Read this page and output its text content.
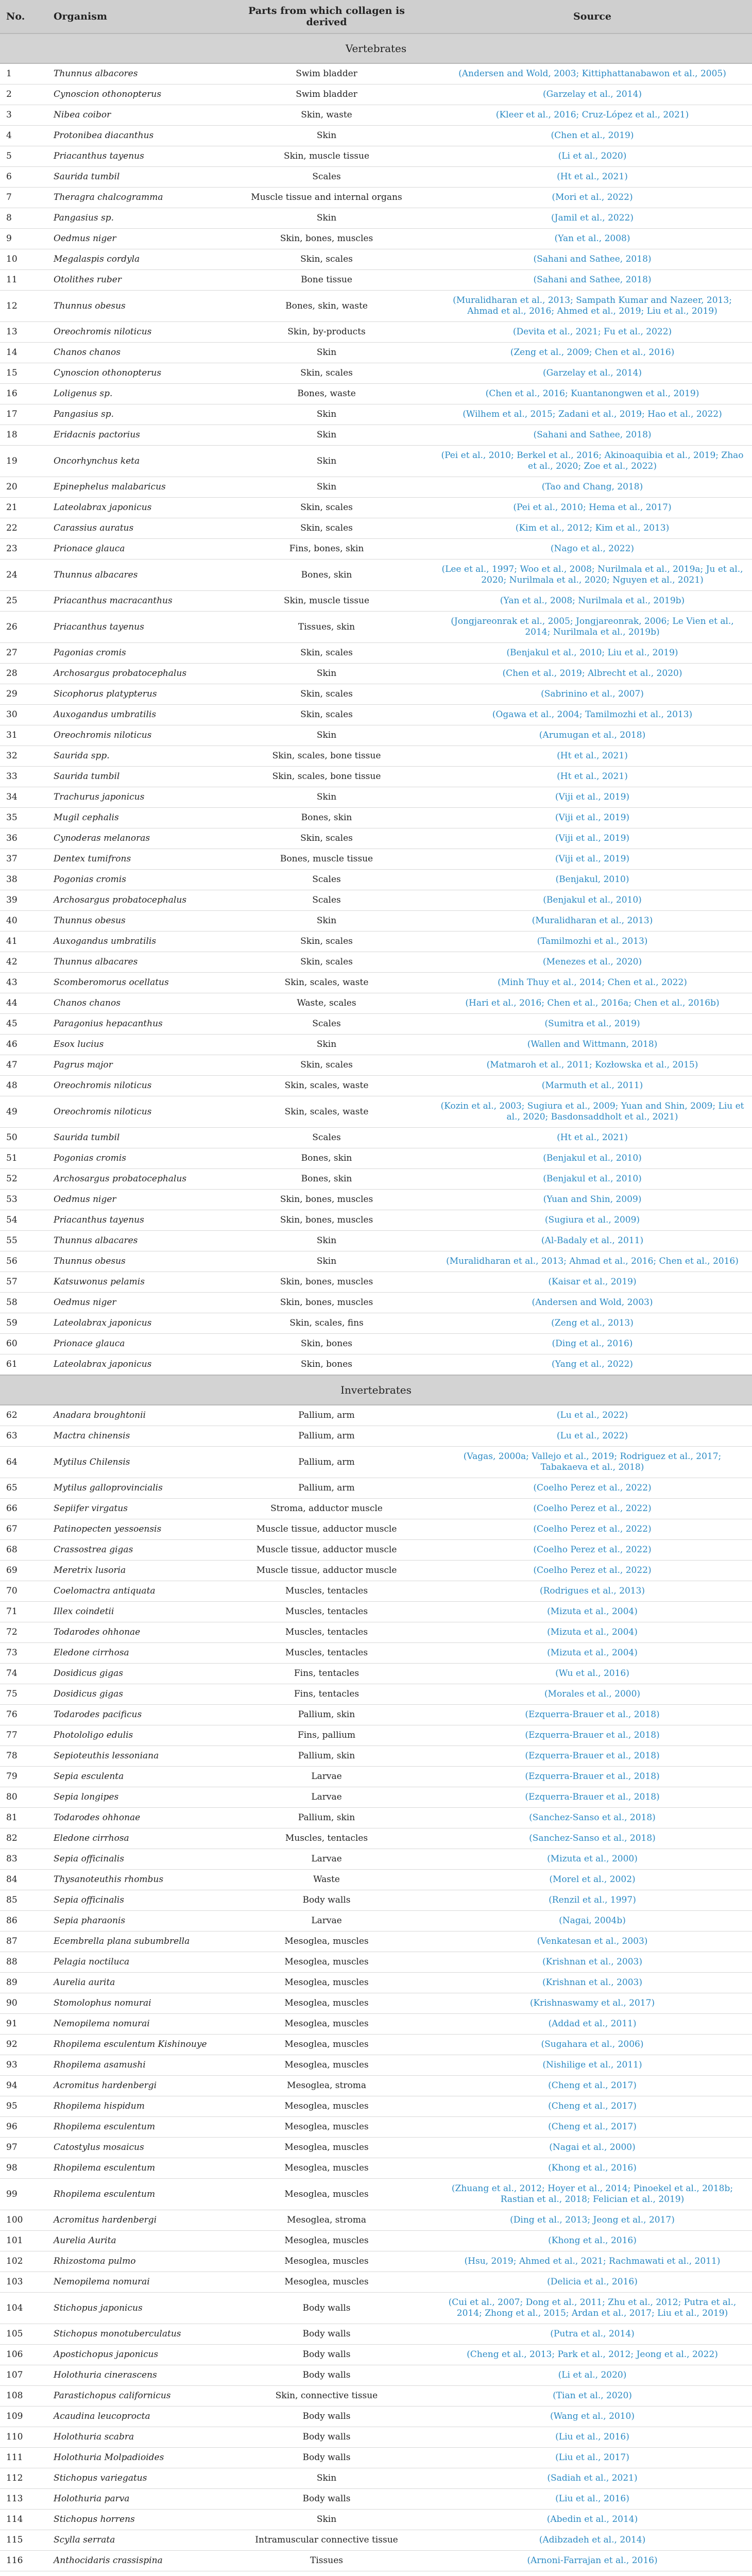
No.	Organism	Parts from which collagen is derived	Source
Vertebrates			
1	Thunnus albacores	Swim bladder	(Andersen and Wold, 2003; Kittiphattanabawon et al., 2005)
2	Cynoscion othonopterus	Swim bladder	(Garzelay et al., 2014)
3	Nibea coibor	Skin, waste	(Kleer et al., 2016; Cruz-López et al., 2021)
4	Protonibea diacanthus	Skin	(Chen et al., 2019)
5	Priacanthus tayenus	Skin, muscle tissue	(Li et al., 2020)
6	Saurida tumbil	Scales	(Ht et al., 2021)
7	Theragra chalcogramma	Muscle tissue and internal organs	(Mori et al., 2022)
8	Pangasius sp.	Skin	(Jamil et al., 2022)
9	Oedmus niger	Skin, bones, muscles	(Yan et al., 2008)
10	Megalaspis cordyla	Skin, scales	(Sahani and Sathee, 2018)
11	Otolithes ruber	Bone tissue	(Sahani and Sathee, 2018)
12	Thunnus obesus	Bones, skin, waste	(Muralidharan et al., 2013; Sampath Kumar and Nazeer, 2013; Ahmad et al., 2016; Ahmed et al., 2019; Liu et al., 2019)
13	Oreochromis niloticus	Skin, by-products	(Devita et al., 2021; Fu et al., 2022)
14	Chanos chanos	Skin	(Zeng et al., 2009; Chen et al., 2016)
15	Cynoscion othonopterus	Skin, scales	(Garzelay et al., 2014)
16	Loligenus sp.	Bones, waste	(Chen et al., 2016; Kuantanongwen et al., 2019)
17	Pangasius sp.	Skin	(Wilhem et al., 2015; Zadani et al., 2019; Hao et al., 2022)
18	Eridacnis pactorius	Skin	(Sahani and Sathee, 2018)
19	Oncorhynchus keta	Skin	(Pei et al., 2010; Berkel et al., 2016; Akinoaquibia et al., 2019; Zhao et al., 2020; Zoe et al., 2022)
20	Epinephelus malabaricus	Skin	(Tao and Chang, 2018)
21	Lateolabrax japonicus	Skin, scales	(Pei et al., 2010; Hema et al., 2017)
22	Carassius auratus	Skin, scales	(Kim et al., 2012; Kim et al., 2013)
23	Prionace glauca	Fins, bones, skin	(Nago et al., 2022)
24	Thunnus albacares	Bones, skin	(Lee et al., 1997; Woo et al., 2008; Nurilmala et al., 2019a; Ju et al., 2020; Nurilmala et al., 2020; Nguyen et al., 2021)
25	Priacanthus macracanthus	Skin, muscle tissue	(Yan et al., 2008; Nurilmala et al., 2019b)
26	Priacanthus tayenus	Tissues, skin	(Jongjareonrak et al., 2005; Jongjareonrak, 2006; Le Vien et al., 2014; Nurilmala et al., 2019b)
27	Pagonias cromis	Skin, scales	(Benjakul et al., 2010; Liu et al., 2019)
28	Archosargus probatocephalus	Skin	(Chen et al., 2019; Albrecht et al., 2020)
29	Sicophorus platypterus	Skin, scales	(Sabrinino et al., 2007)
30	Auxogandus umbratilis	Skin, scales	(Ogawa et al., 2004; Tamilmozhi et al., 2013)
31	Oreochromis niloticus	Skin	(Arumugan et al., 2018)
32	Saurida spp.	Skin, scales, bone tissue	(Ht et al., 2021)
33	Saurida tumbil	Skin, scales, bone tissue	(Ht et al., 2021)
34	Trachurus japonicus	Skin	(Viji et al., 2019)
35	Mugil cephalis	Bones, skin	(Viji et al., 2019)
36	Cynoderas melanoras	Skin, scales	(Viji et al., 2019)
37	Dentex tumifrons	Bones, muscle tissue	(Viji et al., 2019)
38	Pogonias cromis	Scales	(Benjakul, 2010)
39	Archosargus probatocephalus	Scales	(Benjakul et al., 2010)
40	Thunnus obesus	Skin	(Muralidharan et al., 2013)
41	Auxogandus umbratilis	Skin, scales	(Tamilmozhi et al., 2013)
42	Thunnus albacares	Skin, scales	(Menezes et al., 2020)
43	Scomberomorus ocellatus	Skin, scales, waste	(Minh Thuy et al., 2014; Chen et al., 2022)
44	Chanos chanos	Waste, scales	(Hari et al., 2016; Chen et al., 2016a; Chen et al., 2016b)
45	Paragonius hepacanthus	Scales	(Sumitra et al., 2019)
46	Esox lucius	Skin	(Wallen and Wittmann, 2018)
47	Pagrus major	Skin, scales	(Matmaroh et al., 2011; Kozłowska et al., 2015)
48	Oreochromis niloticus	Skin, scales, waste	(Marmuth et al., 2011)
49	Oreochromis niloticus	Skin, scales, waste	(Kozin et al., 2003; Sugiura et al., 2009; Yuan and Shin, 2009; Liu et al., 2020; Basdonsaddholt et al., 2021)
50	Saurida tumbil	Scales	(Ht et al., 2021)
51	Pogonias cromis	Bones, skin	(Benjakul et al., 2010)
52	Archosargus probatocephalus	Bones, skin	(Benjakul et al., 2010)
53	Oedmus niger	Skin, bones, muscles	(Yuan and Shin, 2009)
54	Priacanthus tayenus	Skin, bones, muscles	(Sugiura et al., 2009)
55	Thunnus albacares	Skin	(Al-Badaly et al., 2011)
56	Thunnus obesus	Skin	(Muralidharan et al., 2013; Ahmad et al., 2016; Chen et al., 2016)
57	Katsuwonus pelamis	Skin, bones, muscles	(Kaisar et al., 2019)
58	Oedmus niger	Skin, bones, muscles	(Andersen and Wold, 2003)
59	Lateolabrax japonicus	Skin, scales, fins	(Zeng et al., 2013)
60	Prionace glauca	Skin, bones	(Ding et al., 2016)
61	Lateolabrax japonicus	Skin, bones	(Yang et al., 2022)
Invertebrates			
62	Anadara broughtonii	Pallium, arm	(Lu et al., 2022)
63	Mactra chinensis	Pallium, arm	(Lu et al., 2022)
64	Mytilus Chilensis	Pallium, arm	(Vagas, 2000a; Vallejo et al., 2019; Rodriguez et al., 2017; Tabakaeva et al., 2018)
65	Mytilus galloprovincialis	Pallium, arm	(Coelho Perez et al., 2022)
66	Sepiifer virgatus	Stroma, adductor muscle	(Coelho Perez et al., 2022)
67	Patinopecten yessoensis	Muscle tissue, adductor muscle	(Coelho Perez et al., 2022)
68	Crassostrea gigas	Muscle tissue, adductor muscle	(Coelho Perez et al., 2022)
69	Meretrix lusoria	Muscle tissue, adductor muscle	(Coelho Perez et al., 2022)
70	Coelomactra antiquata	Muscles, tentacles	(Rodrigues et al., 2013)
71	Illex coindetii	Muscles, tentacles	(Mizuta et al., 2004)
72	Todarodes ohhonae	Muscles, tentacles	(Mizuta et al., 2004)
73	Eledone cirrhosa	Muscles, tentacles	(Mizuta et al., 2004)
74	Dosidicus gigas	Fins, tentacles	(Wu et al., 2016)
75	Dosidicus gigas	Fins, tentacles	(Morales et al., 2000)
76	Todarodes pacificus	Pallium, skin	(Ezquerra-Brauer et al., 2018)
77	Photololigo edulis	Fins, pallium	(Ezquerra-Brauer et al., 2018)
78	Sepioteuthis lessoniana	Pallium, skin	(Ezquerra-Brauer et al., 2018)
79	Sepia esculenta	Larvae	(Ezquerra-Brauer et al., 2018)
80	Sepia longipes	Larvae	(Ezquerra-Brauer et al., 2018)
81	Todarodes ohhonae	Pallium, skin	(Sanchez-Sanso et al., 2018)
82	Eledone cirrhosa	Muscles, tentacles	(Sanchez-Sanso et al., 2018)
83	Sepia officinalis	Larvae	(Mizuta et al., 2000)
84	Thysanoteuthis rhombus	Waste	(Morel et al., 2002)
85	Sepia officinalis	Body walls	(Renzil et al., 1997)
86	Sepia pharaonis	Larvae	(Nagai, 2004b)
87	Ecembrella plana subumbrella	Mesoglea, muscles	(Venkatesan et al., 2003)
88	Pelagia noctiluca	Mesoglea, muscles	(Krishnan et al., 2003)
89	Aurelia aurita	Mesoglea, muscles	(Krishnan et al., 2003)
90	Stomolophus nomurai	Mesoglea, muscles	(Krishnaswamy et al., 2017)
91	Nemopilema nomurai	Mesoglea, muscles	(Addad et al., 2011)
92	Rhopilema esculentum Kishinouye	Mesoglea, muscles	(Sugahara et al., 2006)
93	Rhopilema asamushi	Mesoglea, muscles	(Nishilige et al., 2011)
94	Acromitus hardenbergi	Mesoglea, stroma	(Cheng et al., 2017)
95	Rhopilema hispidum	Mesoglea, muscles	(Cheng et al., 2017)
96	Rhopilema esculentum	Mesoglea, muscles	(Cheng et al., 2017)
97	Catostylus mosaicus	Mesoglea, muscles	(Nagai et al., 2000)
98	Rhopilema esculentum	Mesoglea, muscles	(Khong et al., 2016)
99	Rhopilema esculentum	Mesoglea, muscles	(Zhuang et al., 2012; Hoyer et al., 2014; Pinoekel et al., 2018b; Rastian et al., 2018; Felician et al., 2019)
100	Acromitus hardenbergi	Mesoglea, stroma	(Ding et al., 2013; Jeong et al., 2017)
101	Aurelia Aurita	Mesoglea, muscles	(Khong et al., 2016)
102	Rhizostoma pulmo	Mesoglea, muscles	(Hsu, 2019; Ahmed et al., 2021; Rachmawati et al., 2011)
103	Nemopilema nomurai	Mesoglea, muscles	(Delicia et al., 2016)
104	Stichopus japonicus	Body walls	(Cui et al., 2007; Dong et al., 2011; Zhu et al., 2012; Putra et al., 2014; Zhong et al., 2015; Ardan et al., 2017; Liu et al., 2019)
105	Stichopus monotuberculatus	Body walls	(Putra et al., 2014)
106	Apostichopus japonicus	Body walls	(Cheng et al., 2013; Park et al., 2012; Jeong et al., 2022)
107	Holothuria cinerascens	Body walls	(Li et al., 2020)
108	Parastichopus californicus	Skin, connective tissue	(Tian et al., 2020)
109	Acaudina leucoprocta	Body walls	(Wang et al., 2010)
110	Holothuria scabra	Body walls	(Liu et al., 2016)
111	Holothuria Molpadioides	Body walls	(Liu et al., 2017)
112	Stichopus variegatus	Skin	(Sadiah et al., 2021)
113	Holothuria parva	Body walls	(Liu et al., 2016)
114	Stichopus horrens	Skin	(Abedin et al., 2014)
115	Scylla serrata	Intramuscular connective tissue	(Adibzadeh et al., 2014)
116	Anthocidaris crassispina	Tissues	(Arnoni-Farrajan et al., 2016)
